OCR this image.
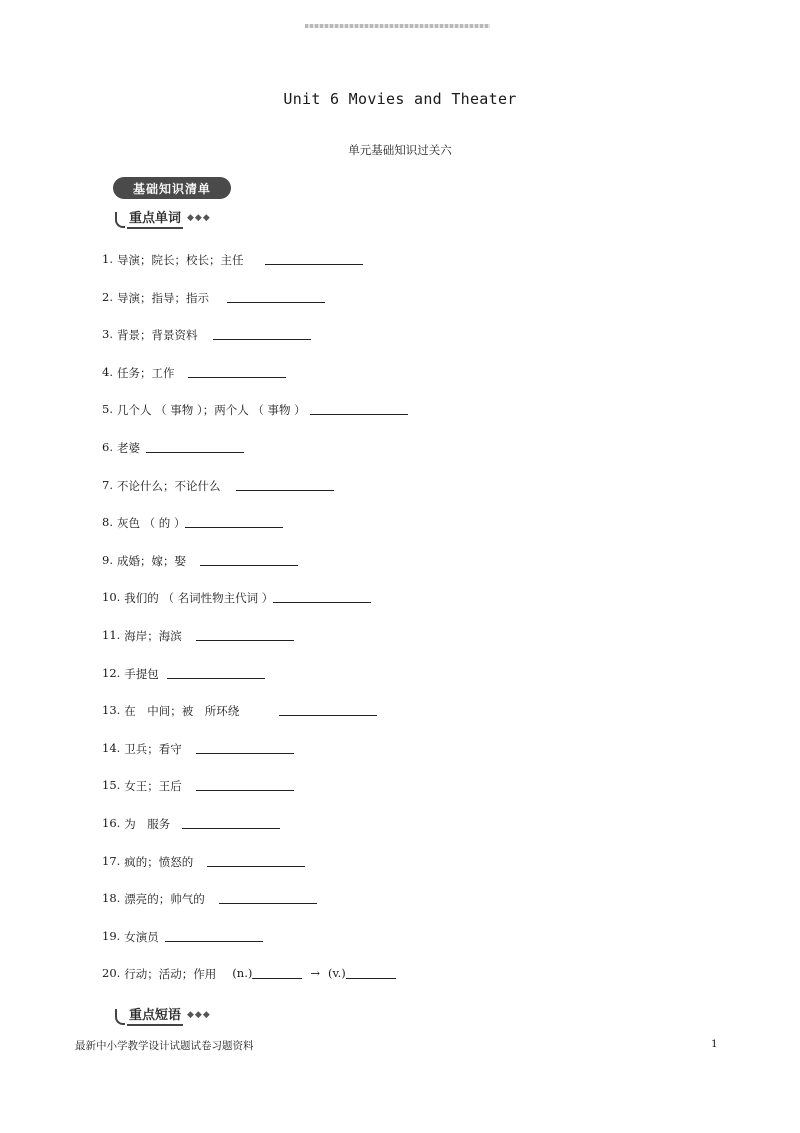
Unit 6 Movies and Theater
单元基础知识过关六
基础知识清单
重点单词 ◆◆◆
1. 导演；院长；校长；主任
2. 导演；指导；指示
3. 背景；背景资料
4. 任务；工作
5. 几个人 （ 事物 ）；两个人 （ 事物 ）
6. 老婆
7. 不论什么；不论什么
8. 灰色 （ 的 ）
9. 成婚；嫁；娶
10. 我们的 （ 名词性物主代词 ）
11. 海岸；海滨
12. 手提包
13. 在　中间；被　所环绕
14. 卫兵；看守
15. 女王；王后
16. 为　服务
17. 疯的；愤怒的
18. 漂亮的；帅气的
19. 女演员
20. 行动；活动；作用 (n.)	→ (v.)
重点短语 ◆◆◆
最新中小学教学设计试题试卷习题资料	1
